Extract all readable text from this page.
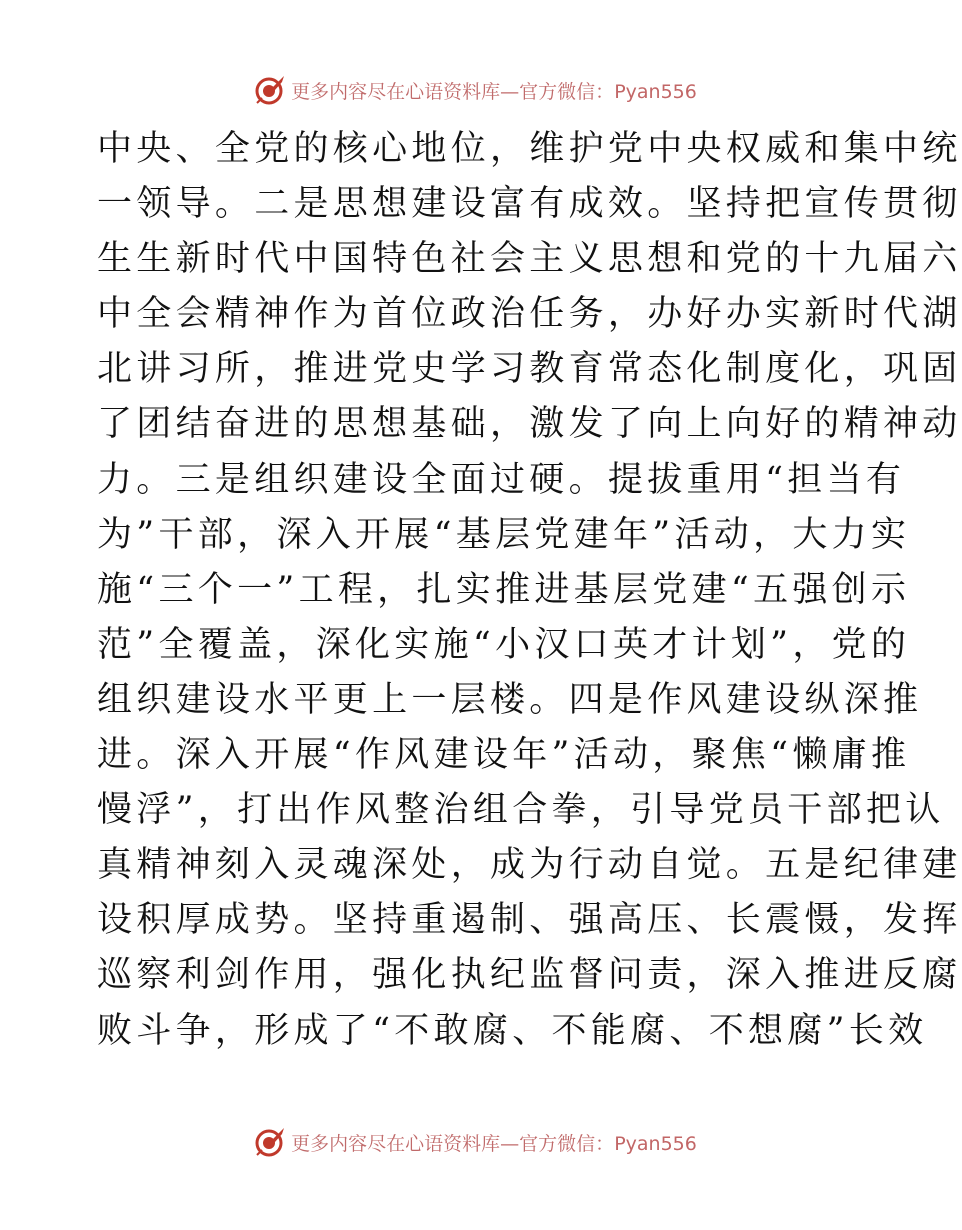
更多内容尽在心语资料库—官方微信：Pyan556
中央、全党的核心地位，维护党中央权威和集中统
一领导。二是思想建设富有成效。坚持把宣传贯彻
生生新时代中国特色社会主义思想和党的十九届六
中全会精神作为首位政治任务，办好办实新时代湖
北讲习所，推进党史学习教育常态化制度化，巩固
了团结奋进的思想基础，激发了向上向好的精神动
力。三是组织建设全面过硬。提拔重用“担当有
为”干部，深入开展“基层党建年”活动，大力实
施“三个一”工程，扎实推进基层党建“五强创示
范”全覆盖，深化实施“小汉口英才计划”，党的
组织建设水平更上一层楼。四是作风建设纵深推
进。深入开展“作风建设年”活动，聚焦“懒庸推
慢浮”，打出作风整治组合拳，引导党员干部把认
真精神刻入灵魂深处，成为行动自觉。五是纪律建
设积厚成势。坚持重遏制、强高压、长震慑，发挥
巡察利剑作用，强化执纪监督问责，深入推进反腐
败斗争，形成了“不敢腐、不能腐、不想腐”长效
更多内容尽在心语资料库—官方微信：Pyan556
